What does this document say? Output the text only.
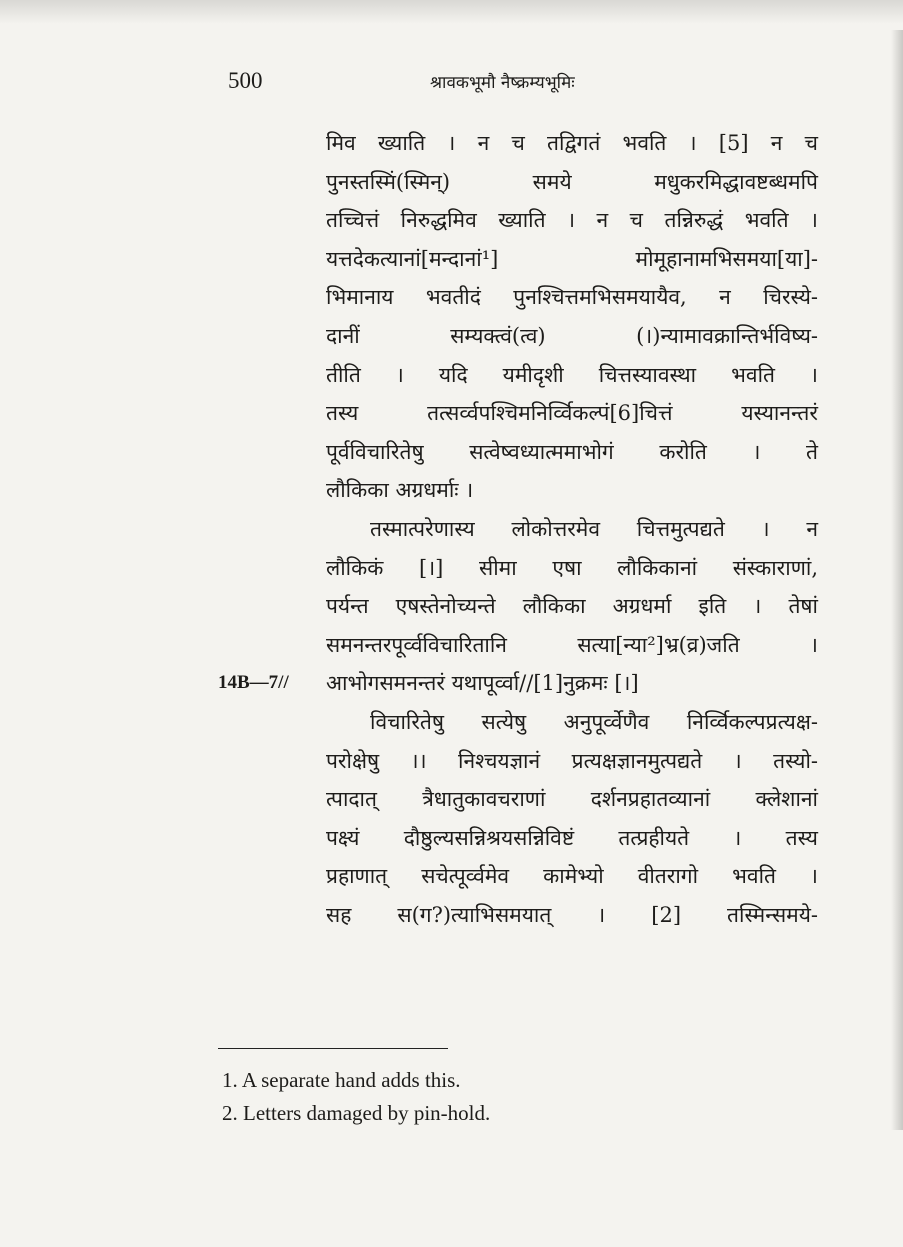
500	श्रावकभूमौ नैष्क्रम्यभूमिः
मिव ख्याति । न च तद्विगतं भवति । [5] न च
पुनस्तस्मिं(स्मिन्) समये मधुकरमिद्धावष्टब्धमपि
तच्चित्तं निरुद्धमिव ख्याति । न च तन्निरुद्धं भवति ।
यत्तदेकत्यानां[मन्दानां¹] मोमूहानामभिसमया[या]-
भिमानाय भवतीदं पुनश्चित्तमभिसमयायैव, न चिरस्ये-
दानीं सम्यक्त्वं(त्व) (।)न्यामावक्रान्तिर्भविष्य-
तीति । यदि यमीदृशी चित्तस्यावस्था भवति ।
तस्य तत्सर्व्वपश्चिमनिर्व्विकल्पं[6]चित्तं यस्यानन्तरं
पूर्वविचारितेषु सत्वेष्वध्यात्ममाभोगं करोति । ते
लौकिका अग्रधर्माः ।
तस्मात्परेणास्य लोकोत्तरमेव चित्तमुत्पद्यते । न
लौकिकं [।] सीमा एषा लौकिकानां संस्काराणां,
पर्यन्त एषस्तेनोच्यन्ते लौकिका अग्रधर्मा इति । तेषां
समनन्तरपूर्व्वविचारितानि सत्या[न्या²]भ्र(व्र)जति ।
आभोगसमनन्तरं यथापूर्व्वा//[1]नुक्रमः [।]
विचारितेषु सत्येषु अनुपूर्व्वेणैव निर्व्विकल्पप्रत्यक्ष-
परोक्षेषु ।। निश्चयज्ञानं प्रत्यक्षज्ञानमुत्पद्यते । तस्यो-
त्पादात् त्रैधातुकावचराणां दर्शनप्रहातव्यानां क्लेशानां
पक्ष्यं दौष्ठुल्यसन्निश्रयसन्निविष्टं तत्प्रहीयते । तस्य
प्रहाणात् सचेत्पूर्व्वमेव कामेभ्यो वीतरागो भवति ।
सह स(ग?)त्याभिसमयात् । [2] तस्मिन्समये-
14B—7//
1. A separate hand adds this.
2. Letters damaged by pin-hold.
